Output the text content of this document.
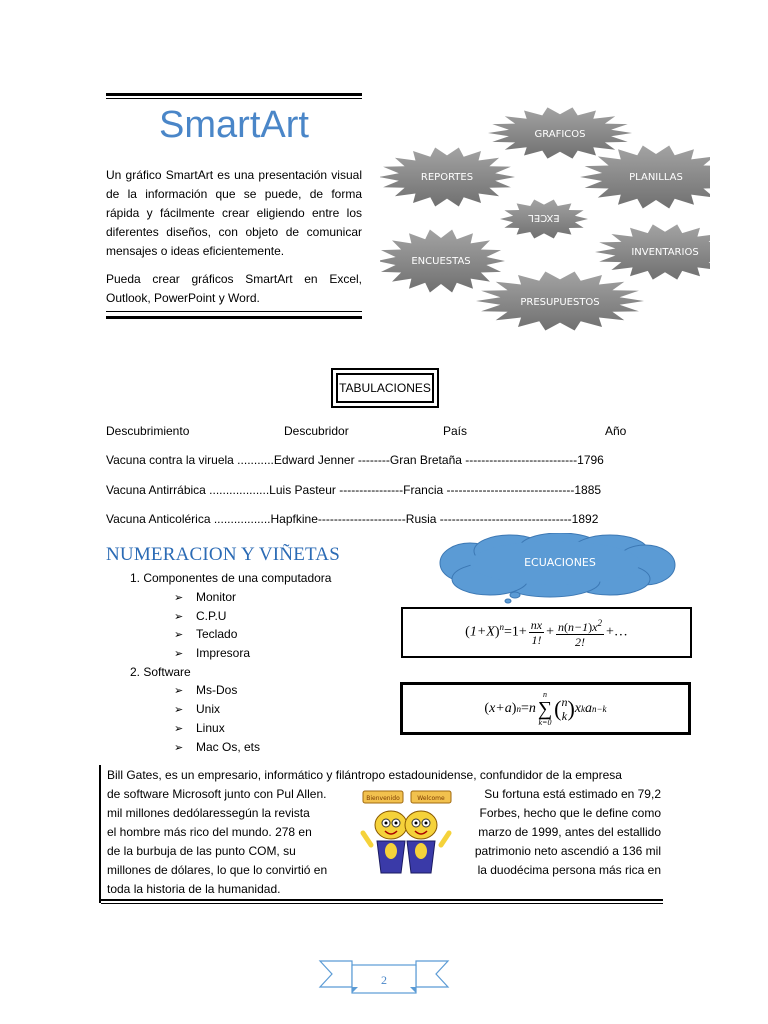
SmartArt
Un gráfico SmartArt es una presentación visual de la información que se puede, de forma rápida y fácilmente crear eligiendo entre los diferentes diseños, con objeto de comunicar mensajes o ideas eficientemente.
Pueda crear gráficos SmartArt en Excel, Outlook, PowerPoint y Word.
GRAFICOS
REPORTES	PLANILLAS
EXCEL
ENCUESTAS
INVENTARIOS
PRESUPUESTOS
TABULACIONES
Descubrimiento	Descubridor	País	Año
Vacuna contra la viruela ...........Edward Jenner --------Gran Bretaña ----------------------------1796
Vacuna Antirrábica ..................Luis Pasteur ----------------Francia --------------------------------1885
Vacuna Anticolérica .................Hapfkine----------------------Rusia ---------------------------------1892
NUMERACION Y VIÑETAS
1. Componentes de una computadora
➢ Monitor
➢ C.P.U
➢ Teclado
➢ Impresora
2. Software
➢ Ms-Dos
➢ Unix
➢ Linux
➢ Mac Os, ets
ECUACIONES
$(1+X)^n=1+ \frac{nx}{1!} + \frac{n(n-1)x^2}{2!}$ +…
( x+a ) n = n
n
∑
k=0
( n
k ) x k a n−k
Bill Gates, es un empresario, informático y filántropo estadounidense, confundidor de la empresa
de software Microsoft junto con Pul Allen.
mil millones dedólaressegún la revista
el hombre más rico del mundo. 278 en
de la burbuja de las punto COM, su
millones de dólares, lo que lo convirtió en
toda la historia de la humanidad.
Su fortuna está estimado en 79,2
Forbes, hecho que le define como
marzo de 1999, antes del estallido
patrimonio neto ascendió a 136 mil
la duodécima persona más rica en
Bienvenido	Welcome
2
